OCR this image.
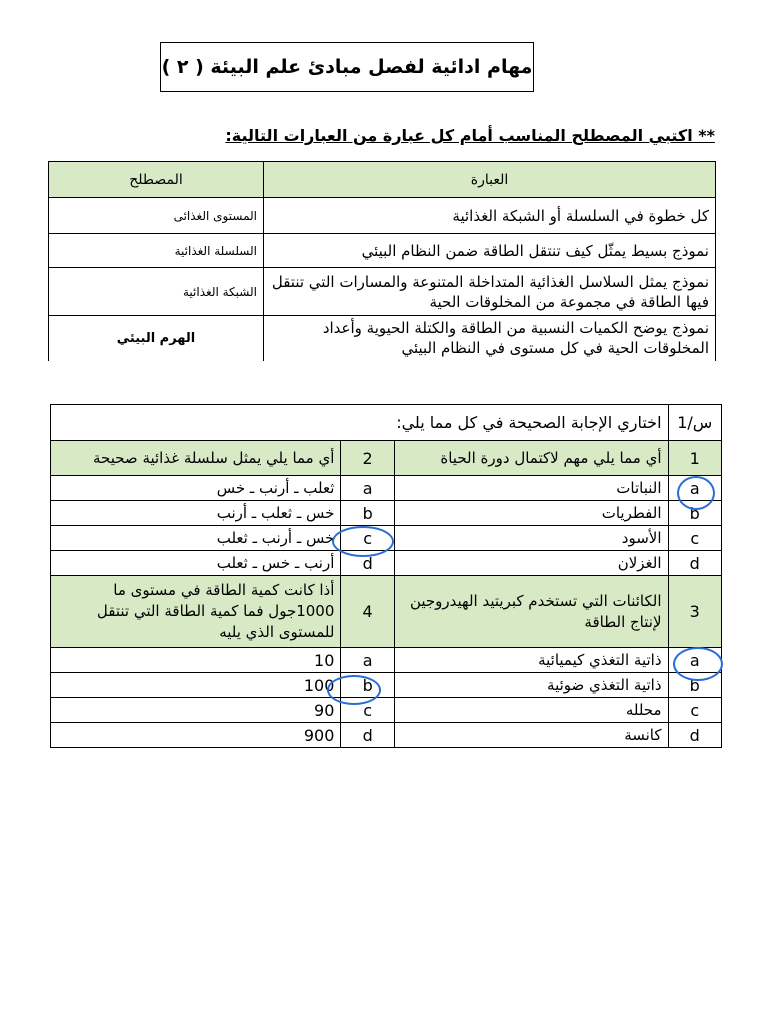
مهام ادائية لفصل مبادئ علم البيئة ( ٢ )
** اكتبي المصطلح المناسب أمام كل عبارة من العبارات التالية:
المصطلح	العبارة
المستوى الغذائى	كل خطوة في السلسلة أو الشبكة الغذائية
السلسلة الغذائية	نموذج بسيط يمثّل كيف تنتقل الطاقة ضمن النظام البيئي
الشبكة الغذائية	نموذج يمثل السلاسل الغذائية المتداخلة المتنوعة والمسارات التي تنتقل فيها الطاقة في مجموعة من المخلوقات الحية
الهرم البيئي	نموذج يوضح الكميات النسبية من الطاقة والكتلة الحيوية وأعداد المخلوقات الحية في كل مستوى في النظام البيئي
اختاري الإجابة الصحيحة في كل مما يلي:			س/1
أي مما يلي يمثل سلسلة غذائية صحيحة	2	أي مما يلي مهم لاكتمال دورة الحياة	1
ثعلب ـ أرنب ـ خس	a	النباتات	a
خس ـ ثعلب ـ أرنب	b	الفطريات	b
خس ـ أرنب ـ ثعلب	c	الأسود	c
أرنب ـ خس ـ ثعلب	d	الغزلان	d
أذا كانت كمية الطاقة في مستوى ما 1000جول فما كمية الطاقة التي تنتقل للمستوى الذي يليه	4	الكائنات التي تستخدم كبريتيد الهيدروجين لإنتاج الطاقة	3
10	a	ذاتية التغذي كيميائية	a
100	b	ذاتية التغذي ضوئية	b
90	c	محلله	c
900	d	كانسة	d
